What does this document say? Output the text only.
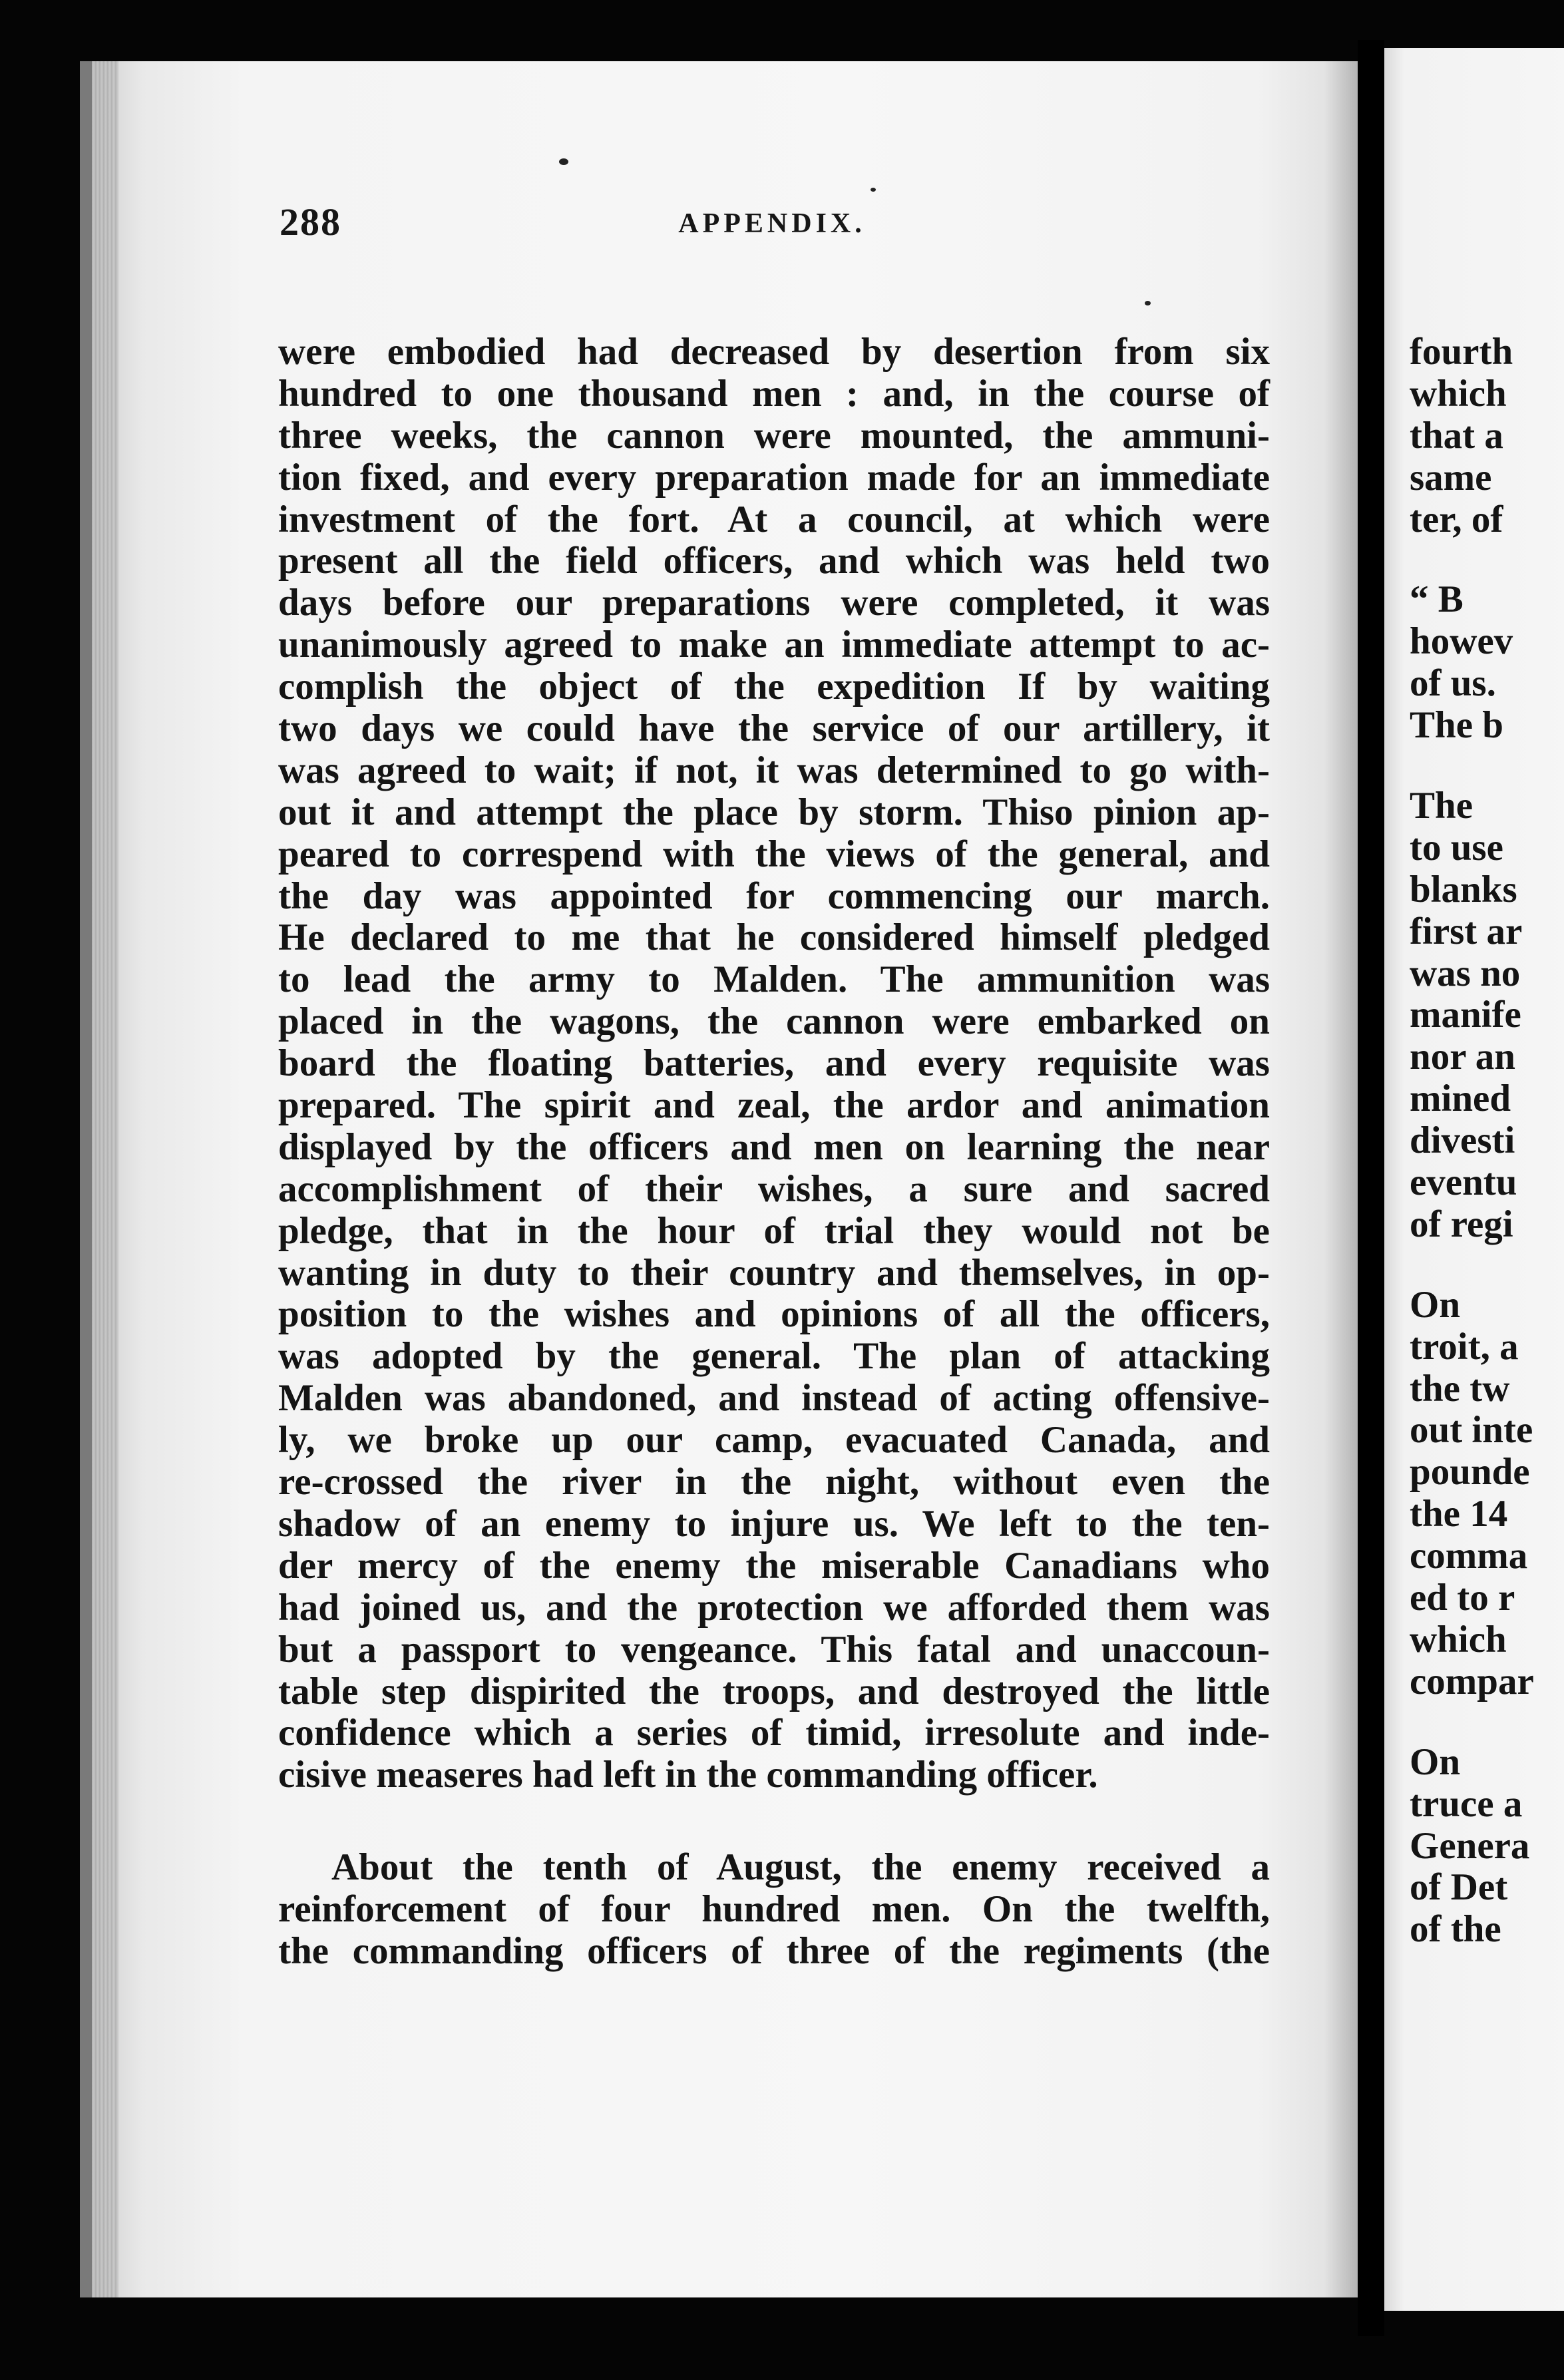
288	APPENDIX.
were embodied had decreased by desertion from six
hundred to one thousand men : and, in the course of
three weeks, the cannon were mounted, the ammuni-
tion fixed, and every preparation made for an immediate
investment of the fort. At a council, at which were
present all the field officers, and which was held two
days before our preparations were completed, it was
unanimously agreed to make an immediate attempt to ac-
complish the object of the expedition If by waiting
two days we could have the service of our artillery, it
was agreed to wait; if not, it was determined to go with-
out it and attempt the place by storm. Thiso pinion ap-
peared to correspend with the views of the general, and
the day was appointed for commencing our march.
He declared to me that he considered himself pledged
to lead the army to Malden. The ammunition was
placed in the wagons, the cannon were embarked on
board the floating batteries, and every requisite was
prepared. The spirit and zeal, the ardor and animation
displayed by the officers and men on learning the near
accomplishment of their wishes, a sure and sacred
pledge, that in the hour of trial they would not be
wanting in duty to their country and themselves, in op-
position to the wishes and opinions of all the officers,
was adopted by the general. The plan of attacking
Malden was abandoned, and instead of acting offensive-
ly, we broke up our camp, evacuated Canada, and
re-crossed the river in the night, without even the
shadow of an enemy to injure us. We left to the ten-
der mercy of the enemy the miserable Canadians who
had joined us, and the protection we afforded them was
but a passport to vengeance. This fatal and unaccoun-
table step dispirited the troops, and destroyed the little
confidence which a series of timid, irresolute and inde-
cisive measeres had left in the commanding officer.
About the tenth of August, the enemy received a
reinforcement of four hundred men. On the twelfth,
the commanding officers of three of the regiments (the
fourth
which
that a
same
ter, of
“ B
howev
of us.
The b
The
to use
blanks
first ar
was no
manife
nor an
mined
divesti
eventu
of regi
On
troit, a
the tw
out inte
pounde
the 14
comma
ed to r
which
compar
On
truce a
Genera
of Det
of the
